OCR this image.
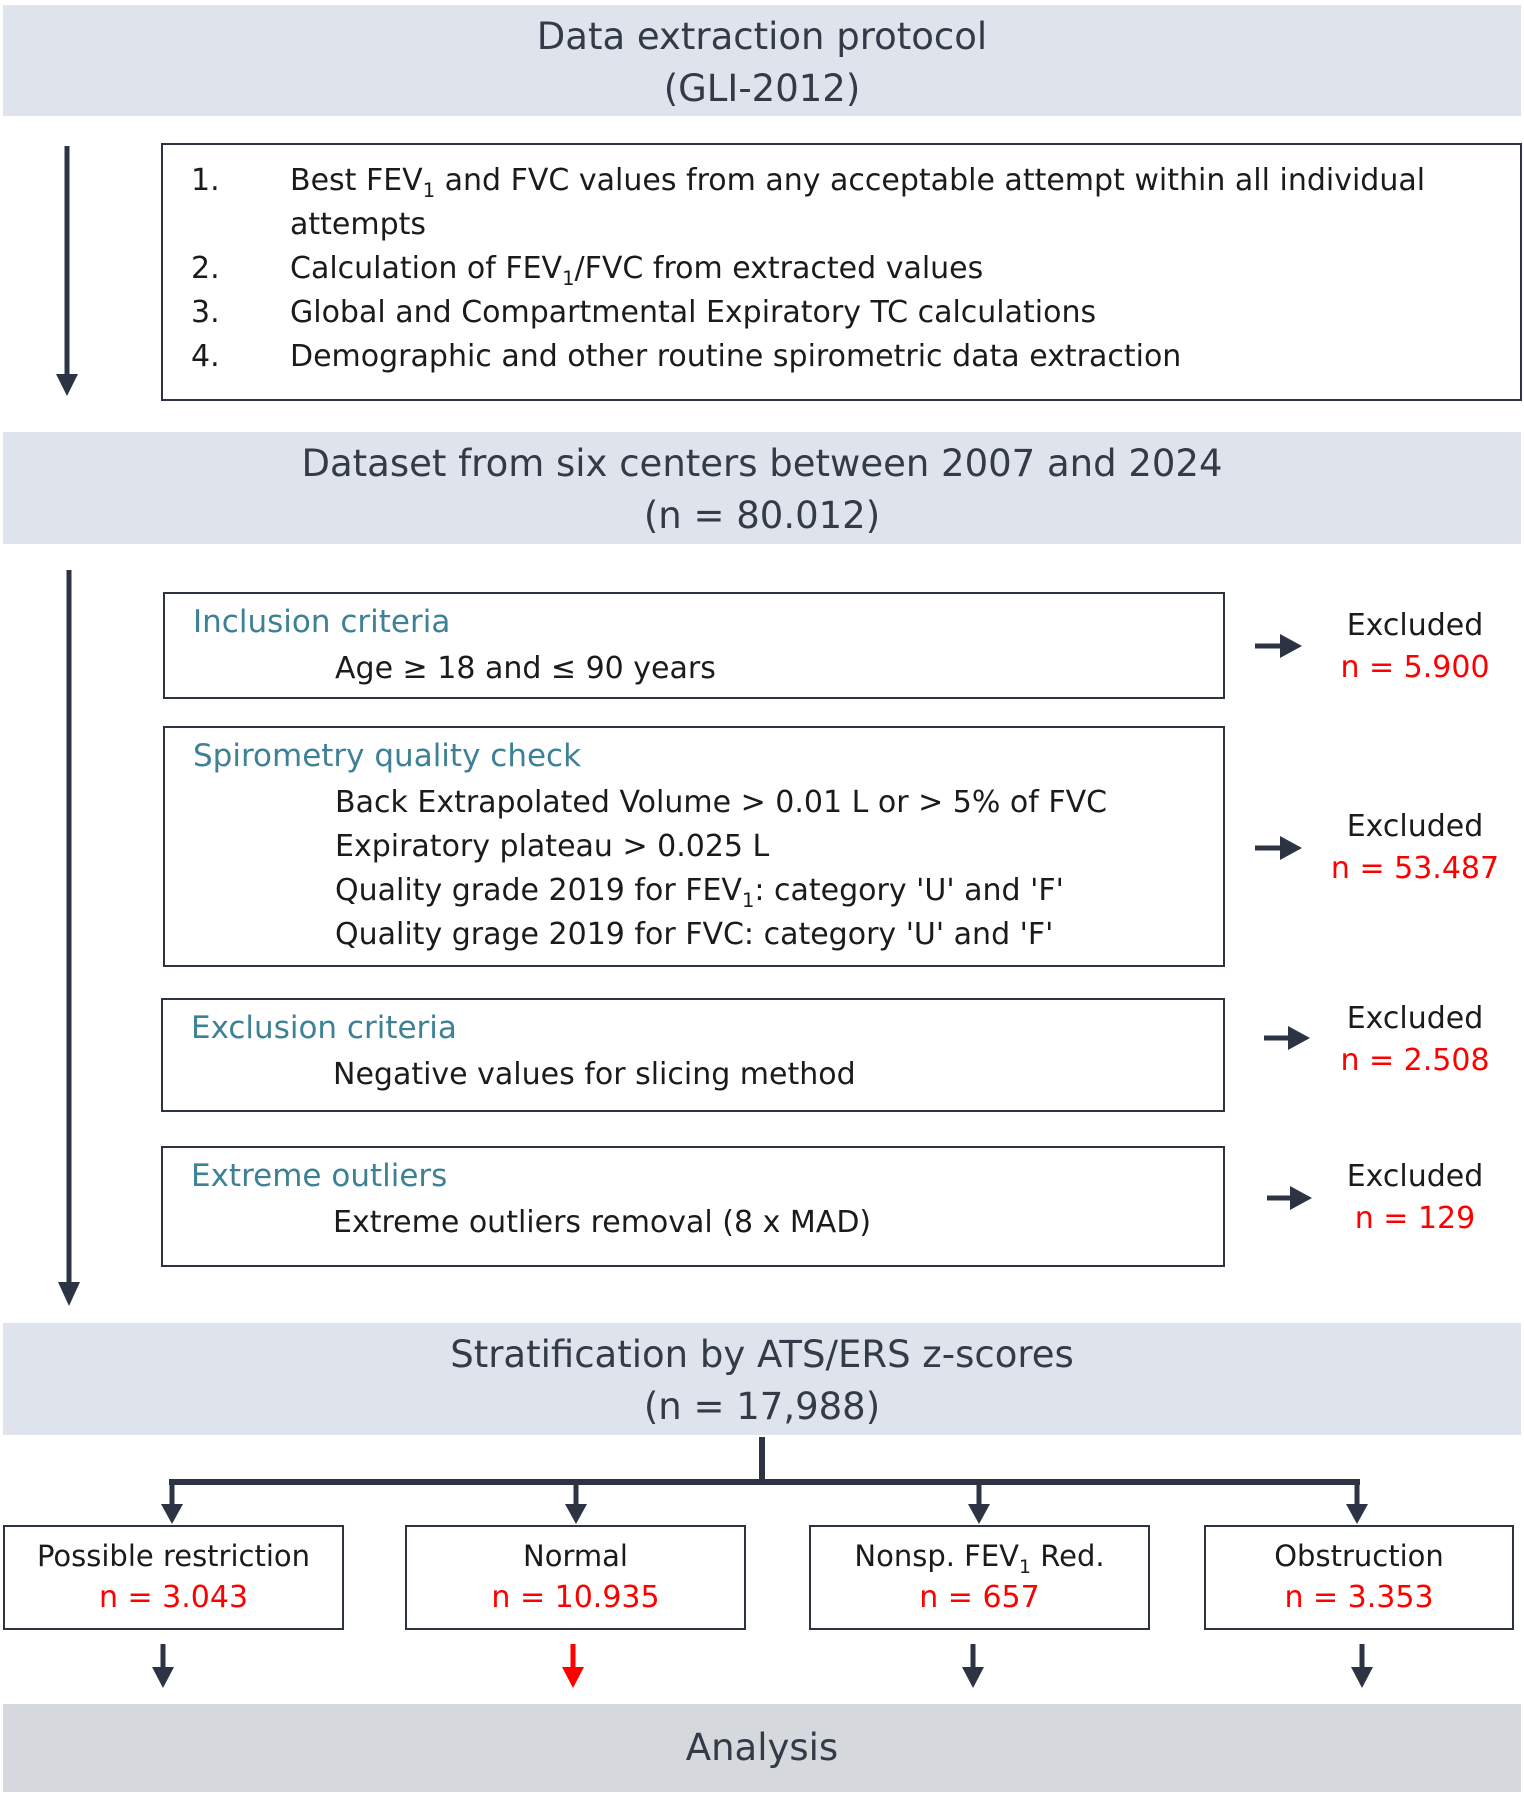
Data extraction protocol
(GLI-2012)
1. Best $FEV_1$ and FVC values from any acceptable attempt within all individual attempts
2. Calculation of $FEV_1$/FVC from extracted values
3. Global and Compartmental Expiratory TC calculations
4. Demographic and other routine spirometric data extraction
Dataset from six centers between 2007 and 2024
(n = 80.012)
Inclusion criteria
Age ≥ 18 and ≤ 90 years
Excluded
n = 5.900
Spirometry quality check
Back Extrapolated Volume > 0.01 L or > 5% of FVC
Expiratory plateau > 0.025 L
Quality grade 2019 for $FEV_1$: category 'U' and 'F'
Quality grage 2019 for FVC: category 'U' and 'F'
Excluded
n = 53.487
Exclusion criteria
Negative values for slicing method
Excluded
n = 2.508
Extreme outliers
Extreme outliers removal (8 x MAD)
Excluded
n = 129
Stratification by ATS/ERS z-scores
(n = 17,988)
Possible restriction
n = 3.043
Normal
n = 10.935
Nonsp. $FEV_1$ Red.
n = 657
Obstruction
n = 3.353
Analysis
